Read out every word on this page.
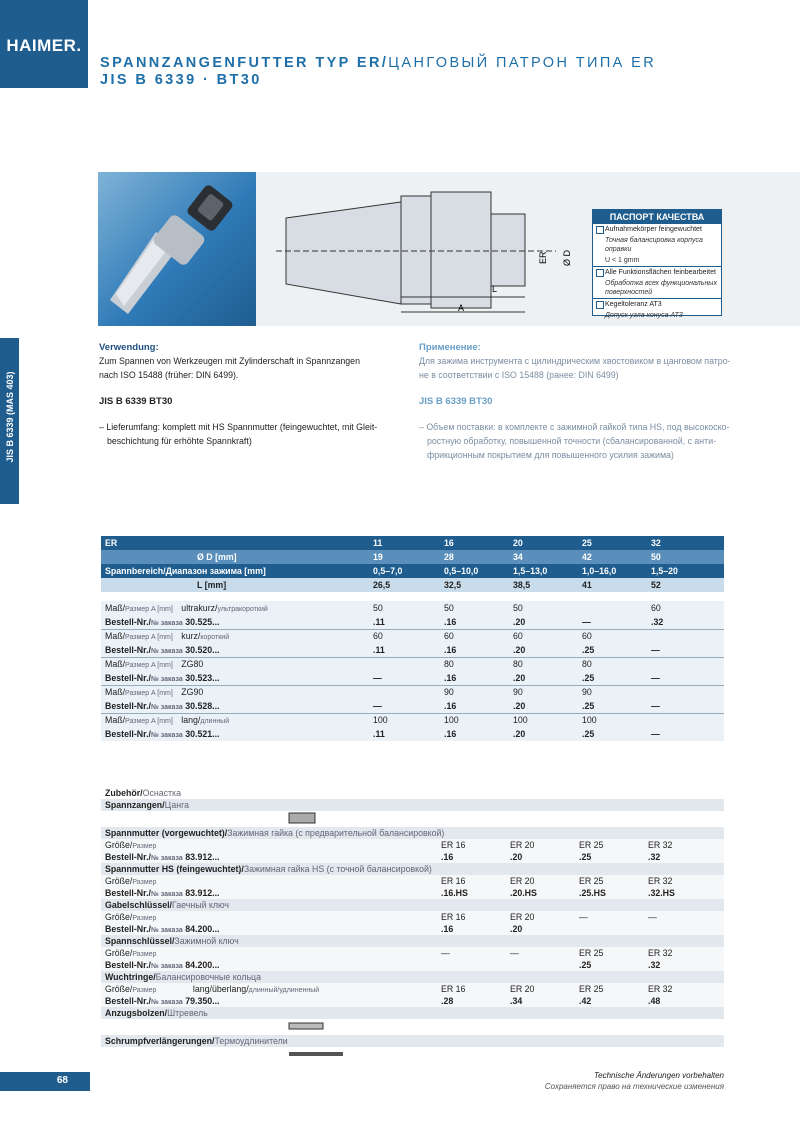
HAIMER.
SPANNZANGENFUTTER TYP ER/ЦАНГОВЫЙ ПАТРОН ТИПА ER
JIS B 6339 · BT30
JIS B 6339 (MAS 403)
L
A
ER Ø D
ПАСПОРТ КАЧЕСТВА
Aufnahmekörper feingewuchtet
Точная балансировка корпуса оправки
U < 1 gmm
Alle Funktionsflächen feinbearbeitet
Обработка всех функциональных поверхностей
Kegeltoleranz AT3
Допуск угла конуса AT3
Verwendung:
Zum Spannen von Werkzeugen mit Zylinderschaft in Spannzangen
nach ISO 15488 (früher: DIN 6499).
JIS B 6339 BT30
– Lieferumfang: komplett mit HS Spannmutter (feingewuchtet, mit Gleit-
beschichtung für erhöhte Spannkraft)
Применение:
Для зажима инструмента с цилиндрическим хвостовиком в цанговом патро-
не в соответствии с ISO 15488 (ранее: DIN 6499)
JIS B 6339 BT30
– Объем поставки: в комплекте с зажимной гайкой типа HS, под высокоско-
ростную обработку, повышенной точности (сбалансированной, с анти-
фрикционным покрытием для повышенного усилия зажима)
ER	11	16	20	25	32
Ø D [mm]	19	28	34	42	50
Spannbereich/Диапазон зажима [mm]	0,5–7,0	0,5–10,0	1,5–13,0	1,0–16,0	1,5–20
L [mm]	26,5	32,5	38,5	41	52
Maß/Размер A [mm] ultrakurz/ультракороткий	50	50	50		60
Bestell-Nr./№ заказа 30.525...	.11	.16	.20	—	.32
Maß/Размер A [mm] kurz/короткий	60	60	60	60	
Bestell-Nr./№ заказа 30.520...	.11	.16	.20	.25	—
Maß/Размер A [mm] ZG80		80	80	80	
Bestell-Nr./№ заказа 30.523...	—	.16	.20	.25	—
Maß/Размер A [mm] ZG90		90	90	90	
Bestell-Nr./№ заказа 30.528...	—	.16	.20	.25	—
Maß/Размер A [mm] lang/длинный	100	100	100	100	
Bestell-Nr./№ заказа 30.521...	.11	.16	.20	.25	—
Zubehör/Оснастка				
Spannzangen/Цанга				

Spannmutter (vorgewuchtet)/Зажимная гайка (с предварительной балансировкой)				
Größe/Размер	ER 16	ER 20	ER 25	ER 32
Bestell-Nr./№ заказа 83.912...	.16	.20	.25	.32
Spannmutter HS (feingewuchtet)/Зажимная гайка HS (с точной балансировкой)				
Größe/Размер	ER 16	ER 20	ER 25	ER 32
Bestell-Nr./№ заказа 83.912...	.16.HS	.20.HS	.25.HS	.32.HS
Gabelschlüssel/Гаечный ключ				
Größe/Размер	ER 16	ER 20	—	—
Bestell-Nr./№ заказа 84.200...	.16	.20		
Spannschlüssel/Зажимной ключ				
Größe/Размер	—	—	ER 25	ER 32
Bestell-Nr./№ заказа 84.200...			.25	.32
Wuchtringe/Балансировочные кольца				
Größe/Размер lang/überlang/длинный/удлиненный	ER 16	ER 20	ER 25	ER 32
Bestell-Nr./№ заказа 79.350...	.28	.34	.42	.48
Anzugsbolzen/Штревель				

Schrumpfverlängerungen/Термоудлинители				

68	Technische Änderungen vorbehalten
Сохраняется право на технические изменения
